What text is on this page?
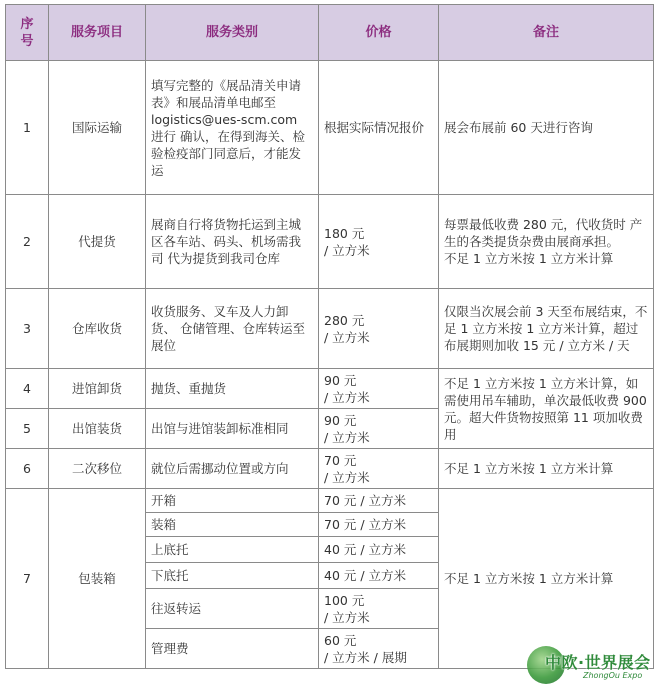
序号	服务项目	服务类别	价格	备注
1	国际运输	填写完整的《展品清关申请 表》和展品清单电邮至 logistics@ues-scm.com 进行 确认，在得到海关、检验检疫部门同意后，才能发运	根据实际情况报价	展会布展前 60 天进行咨询
2	代提货	展商自行将货物托运到主城 区各车站、码头、机场需我司 代为提货到我司仓库	180 元
/ 立方米	每票最低收费 280 元，代收货时 产生的各类提货杂费由展商承担。
不足 1 立方米按 1 立方米计算
3	仓库收货	收货服务、叉车及人力卸货、 仓储管理、仓库转运至展位	280 元
/ 立方米	仅限当次展会前 3 天至布展结束，不足 1 立方米按 1 立方米计算，超过布展期则加收 15 元 / 立方米 / 天
4	进馆卸货	抛货、重抛货	90 元
/ 立方米	不足 1 立方米按 1 立方米计算，如需使用吊车辅助，单次最低收费 900 元。超大件货物按照第 11 项加收费用
5	出馆装货	出馆与进馆装卸标准相同	90 元
/ 立方米	
6	二次移位	就位后需挪动位置或方向	70 元
/ 立方米	不足 1 立方米按 1 立方米计算
7	包装箱	开箱	70 元 / 立方米	不足 1 立方米按 1 立方米计算
		装箱	70 元 / 立方米	
		上底托	40 元 / 立方米	
		下底托	40 元 / 立方米	
		往返转运	100 元
/ 立方米	
		管理费	60 元
/ 立方米 / 展期		中欧·世界展会
ZhongOu Expo
